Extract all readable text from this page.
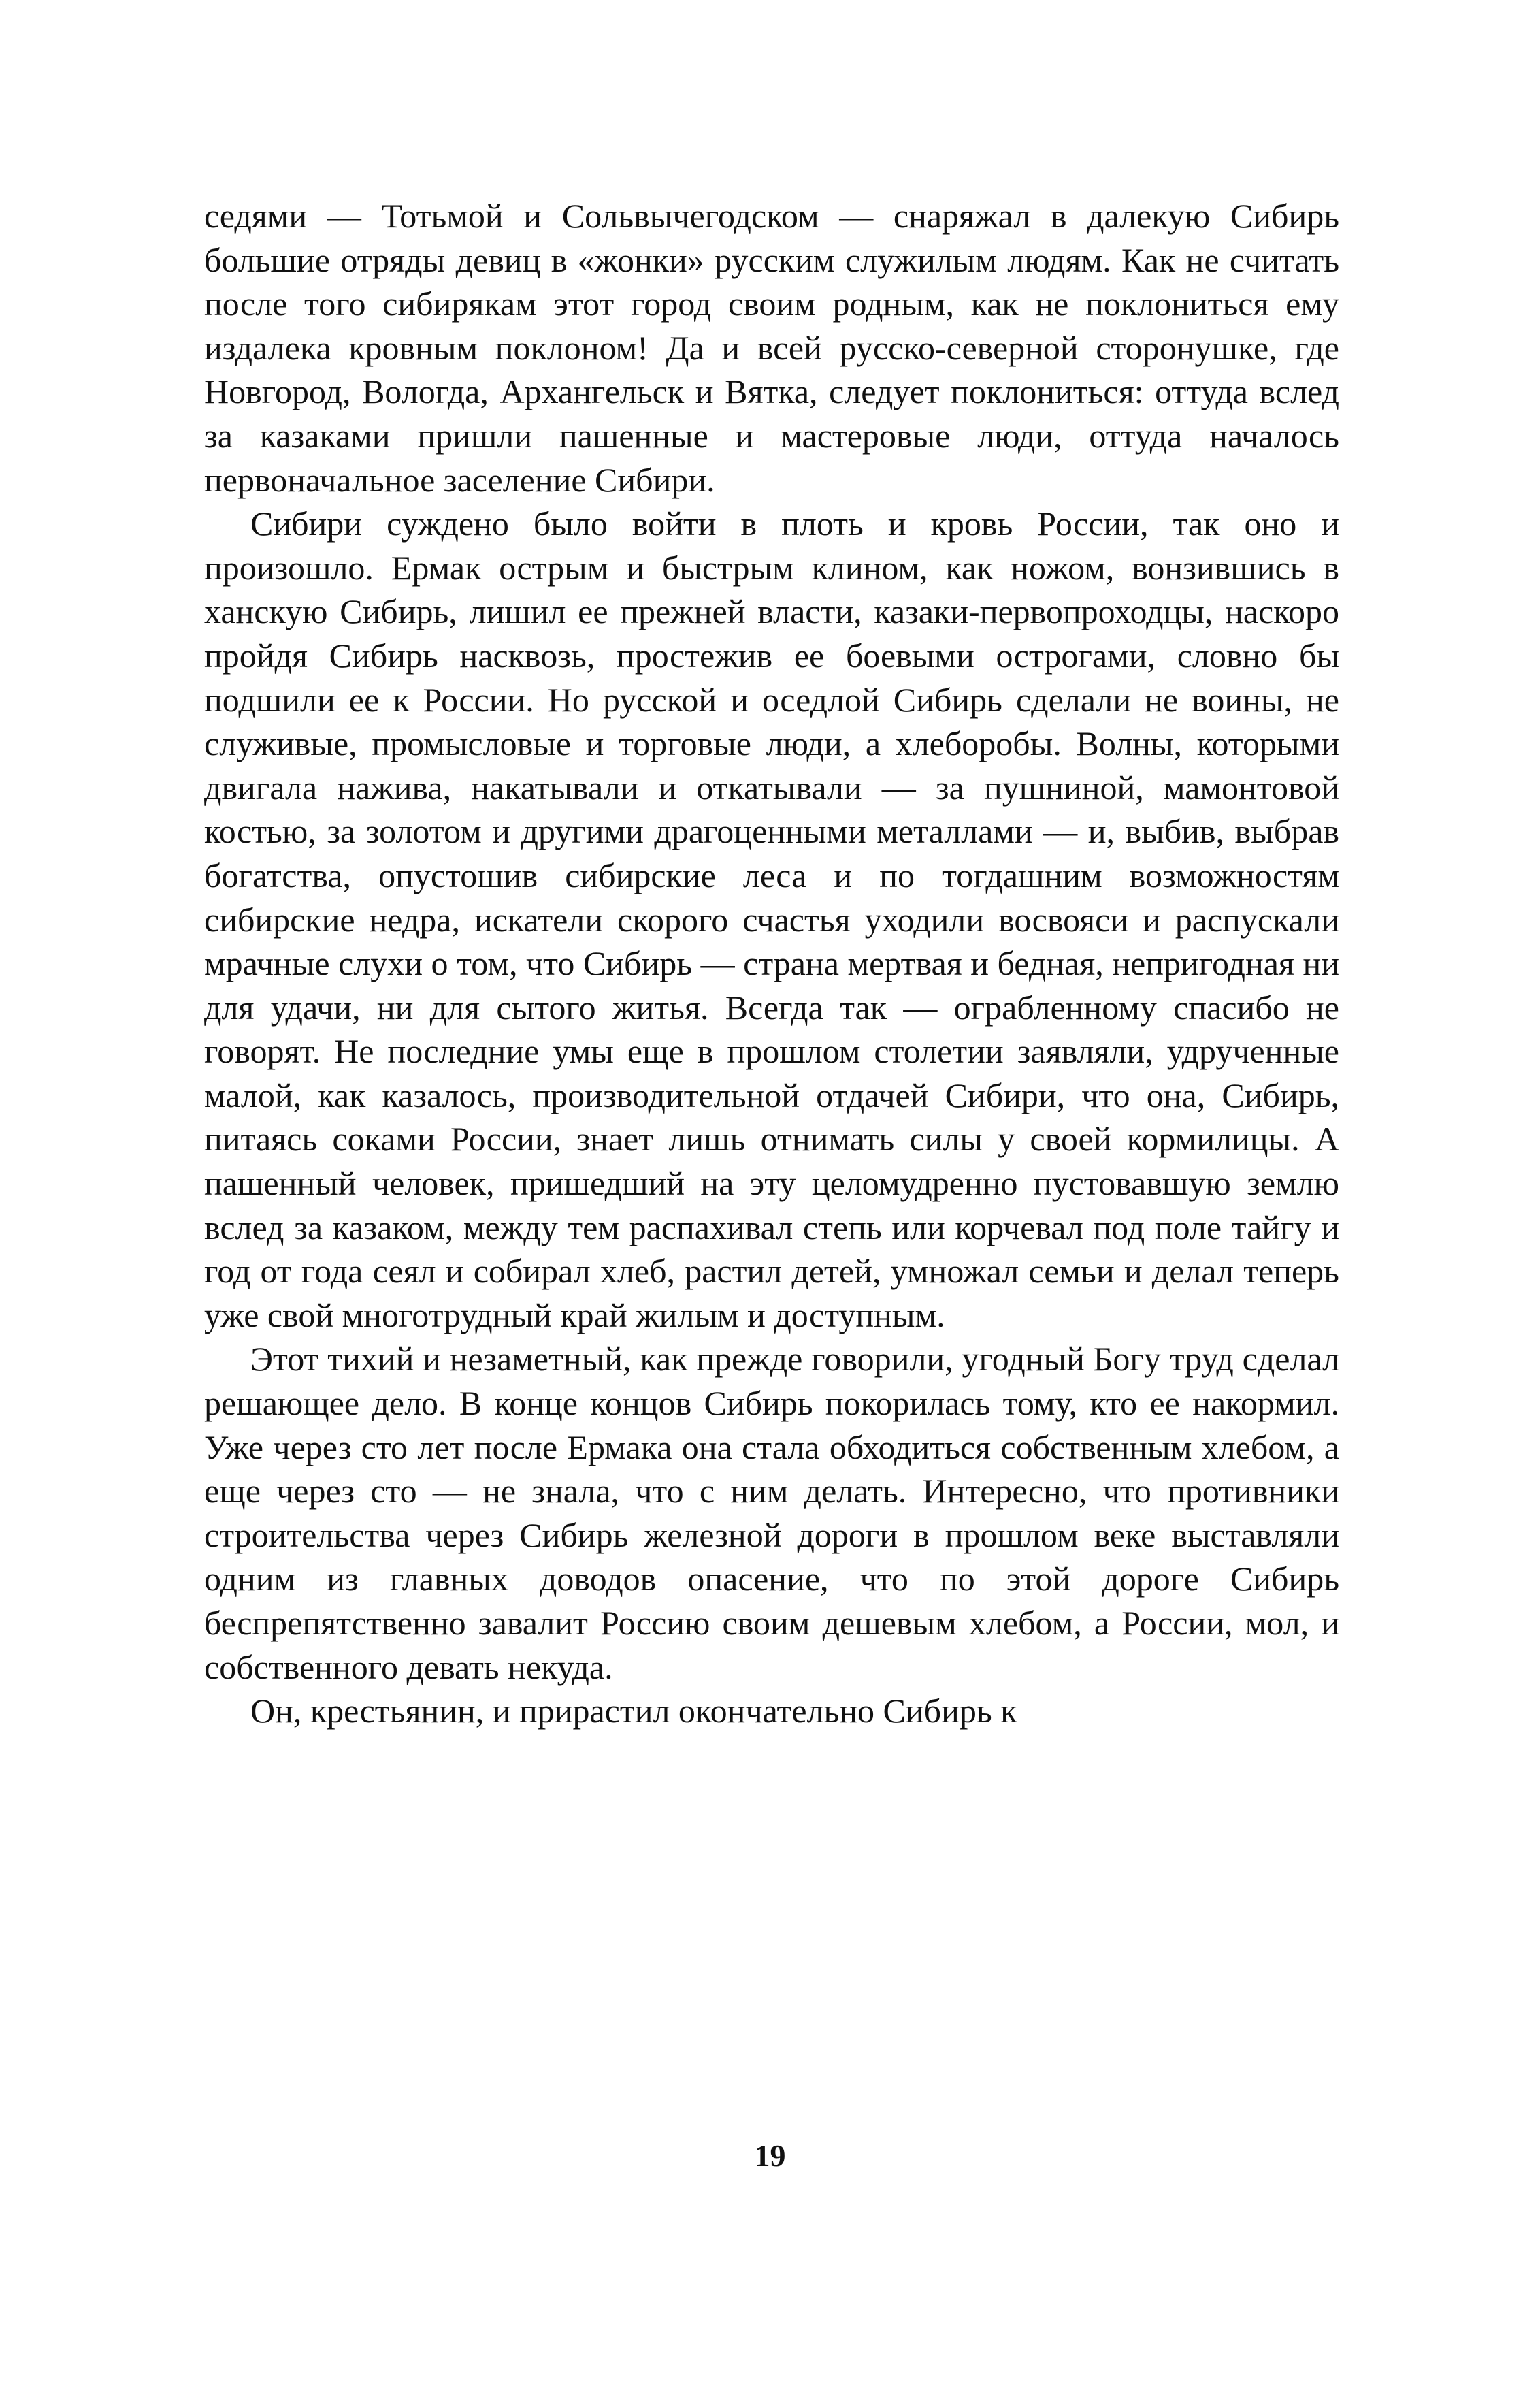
седями — Тотьмой и Сольвычегодском — снаряжал в далекую Сибирь большие отряды девиц в «жонки» русским служилым людям. Как не считать после того сибирякам этот город своим родным, как не поклониться ему издалека кровным поклоном! Да и всей русско-северной сторонушке, где Новгород, Вологда, Архангельск и Вятка, следует поклониться: оттуда вслед за казаками пришли пашенные и мастеровые люди, оттуда началось первоначальное заселение Сибири.

Сибири суждено было войти в плоть и кровь России, так оно и произошло. Ермак острым и быстрым клином, как ножом, вонзившись в ханскую Сибирь, лишил ее прежней власти, казаки-первопроходцы, наскоро пройдя Сибирь насквозь, простежив ее боевыми острогами, словно бы подшили ее к России. Но русской и оседлой Сибирь сделали не воины, не служивые, промысловые и торговые люди, а хлеборобы. Волны, которыми двигала нажива, накатывали и откатывали — за пушниной, мамонтовой костью, за золотом и другими драгоценными металлами — и, выбив, выбрав богатства, опустошив сибирские леса и по тогдашним возможностям сибирские недра, искатели скорого счастья уходили восвояси и распускали мрачные слухи о том, что Сибирь — страна мертвая и бедная, непригодная ни для удачи, ни для сытого житья. Всегда так — ограбленному спасибо не говорят. Не последние умы еще в прошлом столетии заявляли, удрученные малой, как казалось, производительной отдачей Сибири, что она, Сибирь, питаясь соками России, знает лишь отнимать силы у своей кормилицы. А пашенный человек, пришедший на эту целомудренно пустовавшую землю вслед за казаком, между тем распахивал степь или корчевал под поле тайгу и год от года сеял и собирал хлеб, растил детей, умножал семьи и делал теперь уже свой многотрудный край жилым и доступным.

Этот тихий и незаметный, как прежде говорили, угодный Богу труд сделал решающее дело. В конце концов Сибирь покорилась тому, кто ее накормил. Уже через сто лет после Ермака она стала обходиться собственным хлебом, а еще через сто — не знала, что с ним делать. Интересно, что противники строительства через Сибирь железной дороги в прошлом веке выставляли одним из главных доводов опасение, что по этой дороге Сибирь беспрепятственно завалит Россию своим дешевым хлебом, а России, мол, и собственного девать некуда.

Он, крестьянин, и прирастил окончательно Сибирь к

19
